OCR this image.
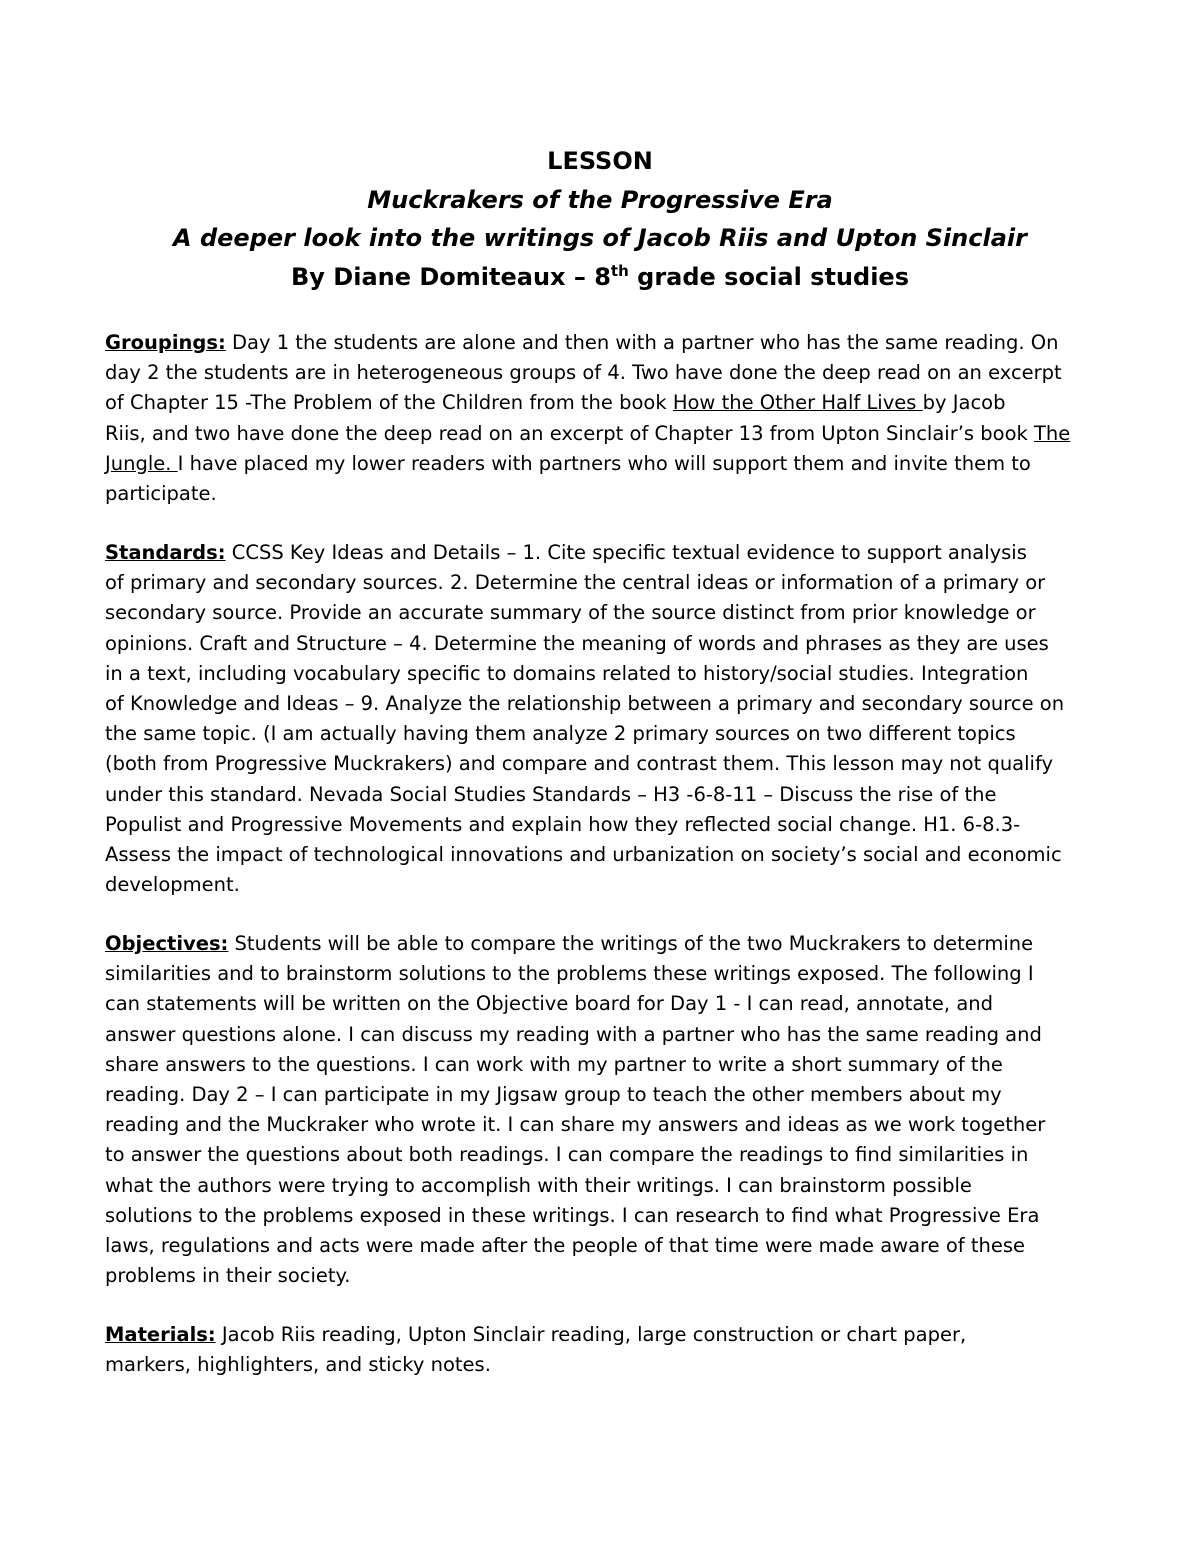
LESSON
Muckrakers of the Progressive Era
A deeper look into the writings of Jacob Riis and Upton Sinclair
By Diane Domiteaux – 8th grade social studies
Groupings: Day 1 the students are alone and then with a partner who has the same reading. On
day 2 the students are in heterogeneous groups of 4. Two have done the deep read on an excerpt
of Chapter 15 -The Problem of the Children from the book How the Other Half Lives by Jacob
Riis, and two have done the deep read on an excerpt of Chapter 13 from Upton Sinclair’s book The
Jungle. I have placed my lower readers with partners who will support them and invite them to
participate.
Standards: CCSS Key Ideas and Details – 1. Cite specific textual evidence to support analysis
of primary and secondary sources. 2. Determine the central ideas or information of a primary or
secondary source. Provide an accurate summary of the source distinct from prior knowledge or
opinions. Craft and Structure – 4. Determine the meaning of words and phrases as they are uses
in a text, including vocabulary specific to domains related to history/social studies. Integration
of Knowledge and Ideas – 9. Analyze the relationship between a primary and secondary source on
the same topic. (I am actually having them analyze 2 primary sources on two different topics
(both from Progressive Muckrakers) and compare and contrast them. This lesson may not qualify
under this standard. Nevada Social Studies Standards – H3 -6-8-11 – Discuss the rise of the
Populist and Progressive Movements and explain how they reflected social change. H1. 6-8.3-
Assess the impact of technological innovations and urbanization on society’s social and economic
development.
Objectives: Students will be able to compare the writings of the two Muckrakers to determine
similarities and to brainstorm solutions to the problems these writings exposed. The following I
can statements will be written on the Objective board for Day 1 - I can read, annotate, and
answer questions alone. I can discuss my reading with a partner who has the same reading and
share answers to the questions. I can work with my partner to write a short summary of the
reading. Day 2 – I can participate in my Jigsaw group to teach the other members about my
reading and the Muckraker who wrote it. I can share my answers and ideas as we work together
to answer the questions about both readings. I can compare the readings to find similarities in
what the authors were trying to accomplish with their writings. I can brainstorm possible
solutions to the problems exposed in these writings. I can research to find what Progressive Era
laws, regulations and acts were made after the people of that time were made aware of these
problems in their society.
Materials: Jacob Riis reading, Upton Sinclair reading, large construction or chart paper,
markers, highlighters, and sticky notes.
